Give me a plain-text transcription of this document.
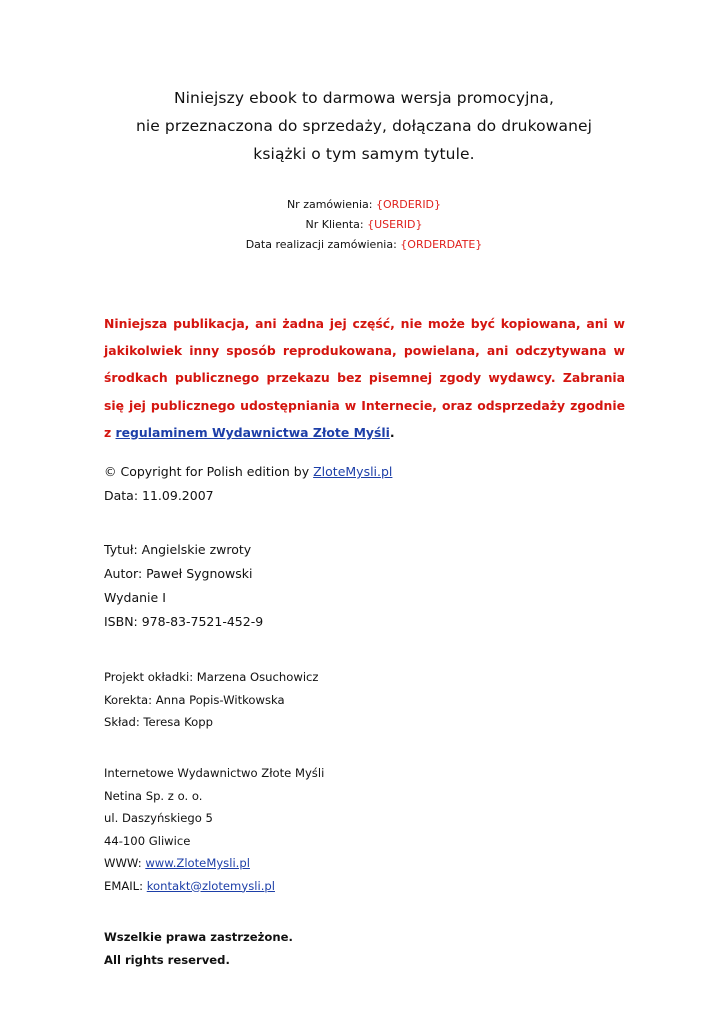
Niniejszy ebook to darmowa wersja promocyjna,
nie przeznaczona do sprzedaży, dołączana do drukowanej
książki o tym samym tytule.
Nr zamówienia: {ORDERID}
Nr Klienta: {USERID}
Data realizacji zamówienia: {ORDERDATE}
Niniejsza publikacja, ani żadna jej część, nie może być kopiowana, ani w jakikolwiek inny sposób reprodukowana, powielana, ani odczytywana w środkach publicznego przekazu bez pisemnej zgody wydawcy. Zabrania się jej publicznego udostępniania w Internecie, oraz odsprzedaży zgodnie z regulaminem Wydawnictwa Złote Myśli.
© Copyright for Polish edition by ZloteMysli.pl
Data: 11.09.2007
Tytuł: Angielskie zwroty
Autor: Paweł Sygnowski
Wydanie I
ISBN: 978-83-7521-452-9
Projekt okładki: Marzena Osuchowicz
Korekta: Anna Popis-Witkowska
Skład: Teresa Kopp
Internetowe Wydawnictwo Złote Myśli
Netina Sp. z o. o.
ul. Daszyńskiego 5
44-100 Gliwice
WWW: www.ZloteMysli.pl
EMAIL: kontakt@zlotemysli.pl
Wszelkie prawa zastrzeżone.
All rights reserved.
